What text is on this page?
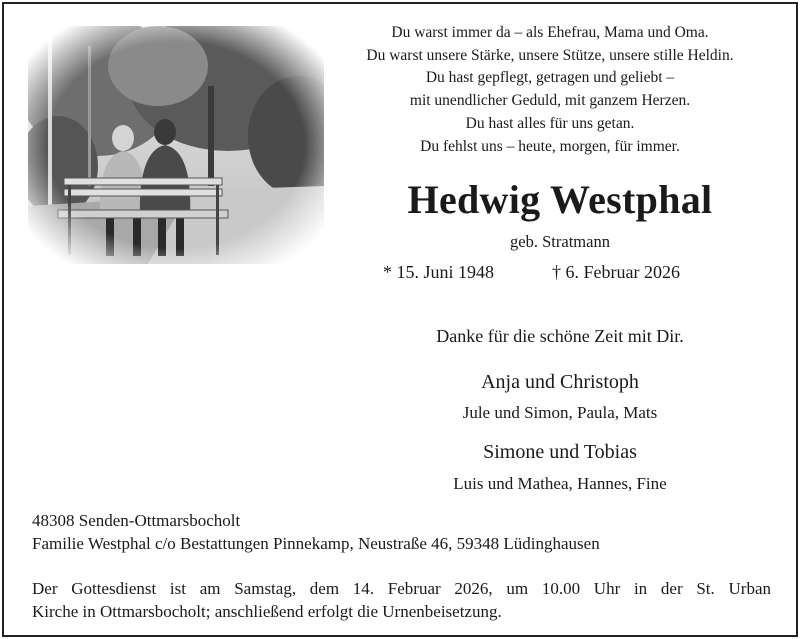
Du warst immer da – als Ehefrau, Mama und Oma.
Du warst unsere Stärke, unsere Stütze, unsere stille Heldin.
Du hast gepflegt, getragen und geliebt –
mit unendlicher Geduld, mit ganzem Herzen.
Du hast alles für uns getan.
Du fehlst uns – heute, morgen, für immer.
Hedwig Westphal
geb. Stratmann
* 15. Juni 1948	† 6. Februar 2026
Danke für die schöne Zeit mit Dir.
Anja und Christoph
Jule und Simon, Paula, Mats
Simone und Tobias
Luis und Mathea, Hannes, Fine
48308 Senden-Ottmarsbocholt
Familie Westphal c/o Bestattungen Pinnekamp, Neustraße 46, 59348 Lüdinghausen
Der Gottesdienst ist am Samstag, dem 14. Februar 2026, um 10.00 Uhr in der St. Urban
Kirche in Ottmarsbocholt; anschließend erfolgt die Urnenbeisetzung.
